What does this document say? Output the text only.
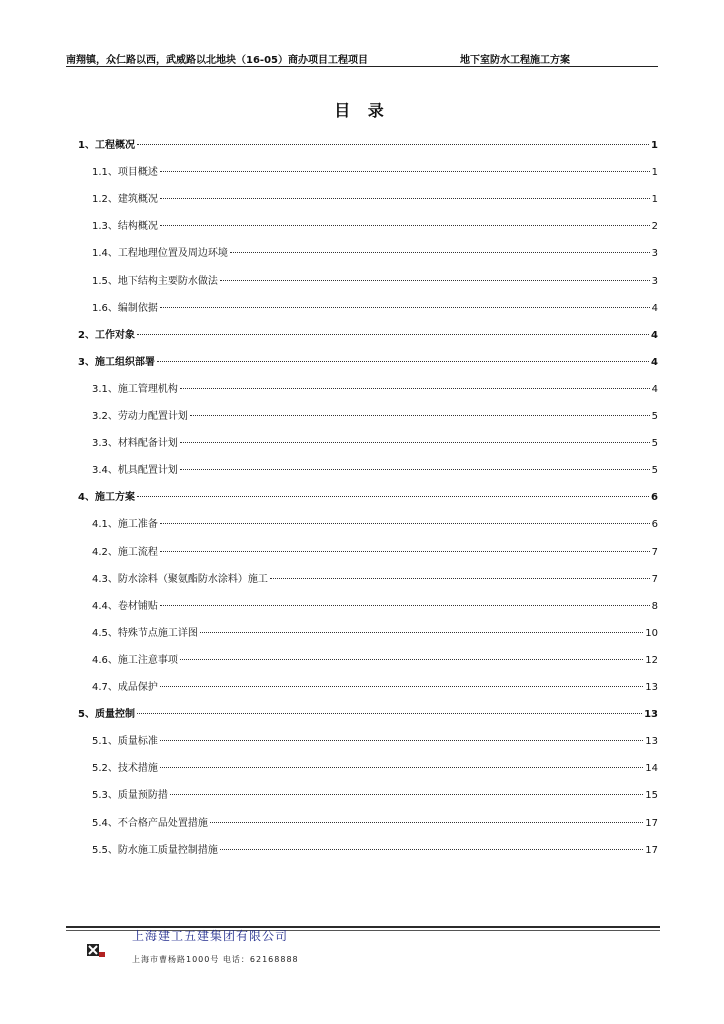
南翔镇，众仁路以西，武威路以北地块（16-05）商办项目工程项目	地下室防水工程施工方案
目 录
1、工程概况	1
1.1、项目概述	1
1.2、建筑概况	1
1.3、结构概况	2
1.4、工程地理位置及周边环境	3
1.5、地下结构主要防水做法	3
1.6、编制依据	4
2、工作对象	4
3、施工组织部署	4
3.1、施工管理机构	4
3.2、劳动力配置计划	5
3.3、材料配备计划	5
3.4、机具配置计划	5
4、施工方案	6
4.1、施工准备	6
4.2、施工流程	7
4.3、防水涂料（聚氨酯防水涂料）施工	7
4.4、卷材铺贴	8
4.5、特殊节点施工详图	10
4.6、施工注意事项	12
4.7、成品保护	13
5、质量控制	13
5.1、质量标准	13
5.2、技术措施	14
5.3、质量预防措	15
5.4、不合格产品处置措施	17
5.5、防水施工质量控制措施	17
上海建工五建集团有限公司
上海市曹杨路1000号 电话：62168888
